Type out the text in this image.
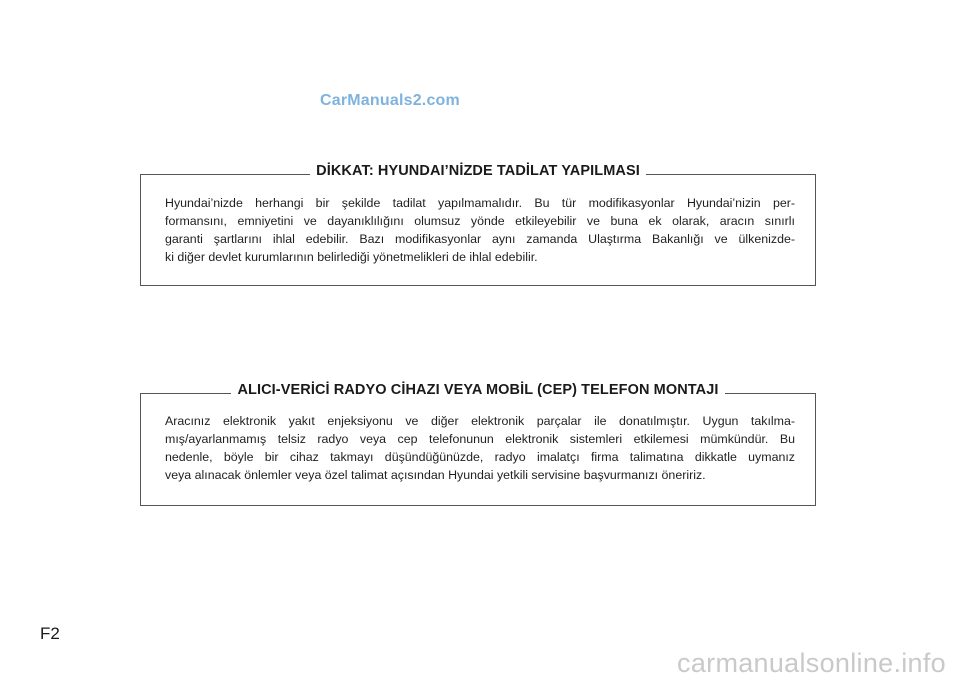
CarManuals2.com
DİKKAT: HYUNDAI’NİZDE TADİLAT YAPILMASI
Hyundai’nizde herhangi bir şekilde tadilat yapılmamalıdır. Bu tür modifikasyonlar Hyundai’nizin per-
formansını, emniyetini ve dayanıklılığını olumsuz yönde etkileyebilir ve buna ek olarak, aracın sınırlı
garanti şartlarını ihlal edebilir. Bazı modifikasyonlar aynı zamanda Ulaştırma Bakanlığı ve ülkenizde-
ki diğer devlet kurumlarının belirlediği yönetmelikleri de ihlal edebilir.
ALICI-VERİCİ RADYO CİHAZI VEYA MOBİL (CEP) TELEFON MONTAJI
Aracınız elektronik yakıt enjeksiyonu ve diğer elektronik parçalar ile donatılmıştır. Uygun takılma-
mış/ayarlanmamış telsiz radyo veya cep telefonunun elektronik sistemleri etkilemesi mümkündür. Bu
nedenle, böyle bir cihaz takmayı düşündüğünüzde, radyo imalatçı firma talimatına dikkatle uymanız
veya alınacak önlemler veya özel talimat açısından Hyundai yetkili servisine başvurmanızı öneririz.
F2
carmanualsonline.info
